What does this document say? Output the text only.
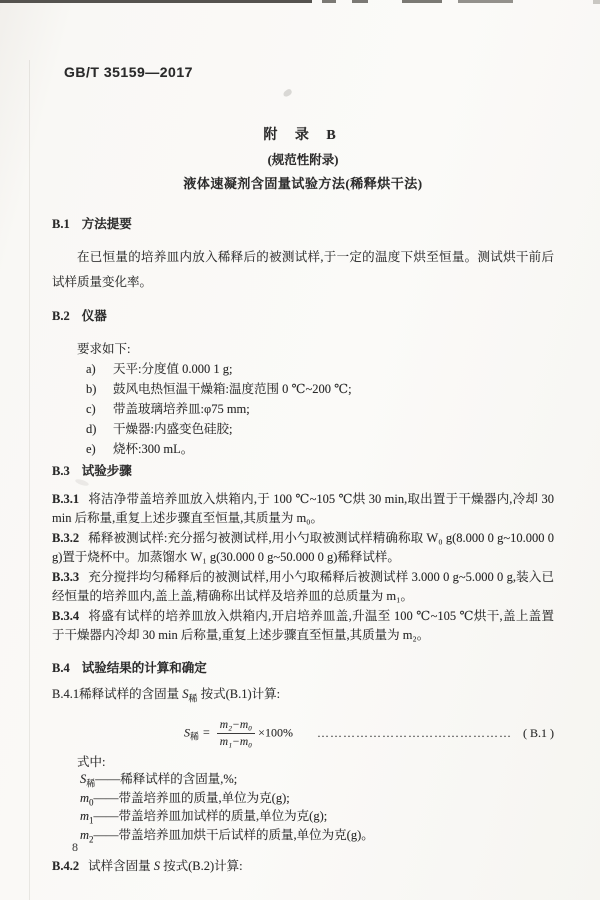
GB/T 35159—2017
附 录 B
(规范性附录)
液体速凝剂含固量试验方法(稀释烘干法)
B.1 方法提要

在已恒量的培养皿内放入稀释后的被测试样,于一定的温度下烘至恒量。测试烘干前后试样质量变化率。

B.2 仪器
要求如下:
a)	天平:分度值 0.000 1 g;
b)	鼓风电热恒温干燥箱:温度范围 0 ℃~200 ℃;
c)	带盖玻璃培养皿:φ75 mm;
d)	干燥器:内盛变色硅胶;
e)	烧杯:300 mL。
B.3 试验步骤

B.3.1 将洁净带盖培养皿放入烘箱内,于 100 ℃~105 ℃烘 30 min,取出置于干燥器内,冷却 30 min 后称量,重复上述步骤直至恒量,其质量为 m₀。

B.3.2 稀释被测试样:充分摇匀被测试样,用小勺取被测试样精确称取 W₀ g(8.000 0 g~10.000 0 g)置于烧杯中。加蒸馏水 W₁ g(30.000 0 g~50.000 0 g)稀释试样。

B.3.3 充分搅拌均匀稀释后的被测试样,用小勺取稀释后被测试样 3.000 0 g~5.000 0 g,装入已经恒量的培养皿内,盖上盖,精确称出试样及培养皿的总质量为 m₁。

B.3.4 将盛有试样的培养皿放入烘箱内,开启培养皿盖,升温至 100 ℃~105 ℃烘干,盖上盖置于干燥器内冷却 30 min 后称量,重复上述步骤直至恒量,其质量为 m₂。

B.4 试验结果的计算和确定

B.4.1稀释试样的含固量 $S_稀$ 按式(B.1)计算:

$S_稀 = \frac{\text{m₂−m₀}}{\text{m₁−m₀}} \times 100\%$ ……………………………………… ( B.1 )
式中:
$S_稀——$稀释试样的含固量,%;
$m_0——$带盖培养皿的质量,单位为克(g);
$m_1——$带盖培养皿加试样的质量,单位为克(g);
$m_2——$带盖培养皿加烘干后试样的质量,单位为克(g)。

B.4.2 试样含固量 S 按式(B.2)计算:

8
